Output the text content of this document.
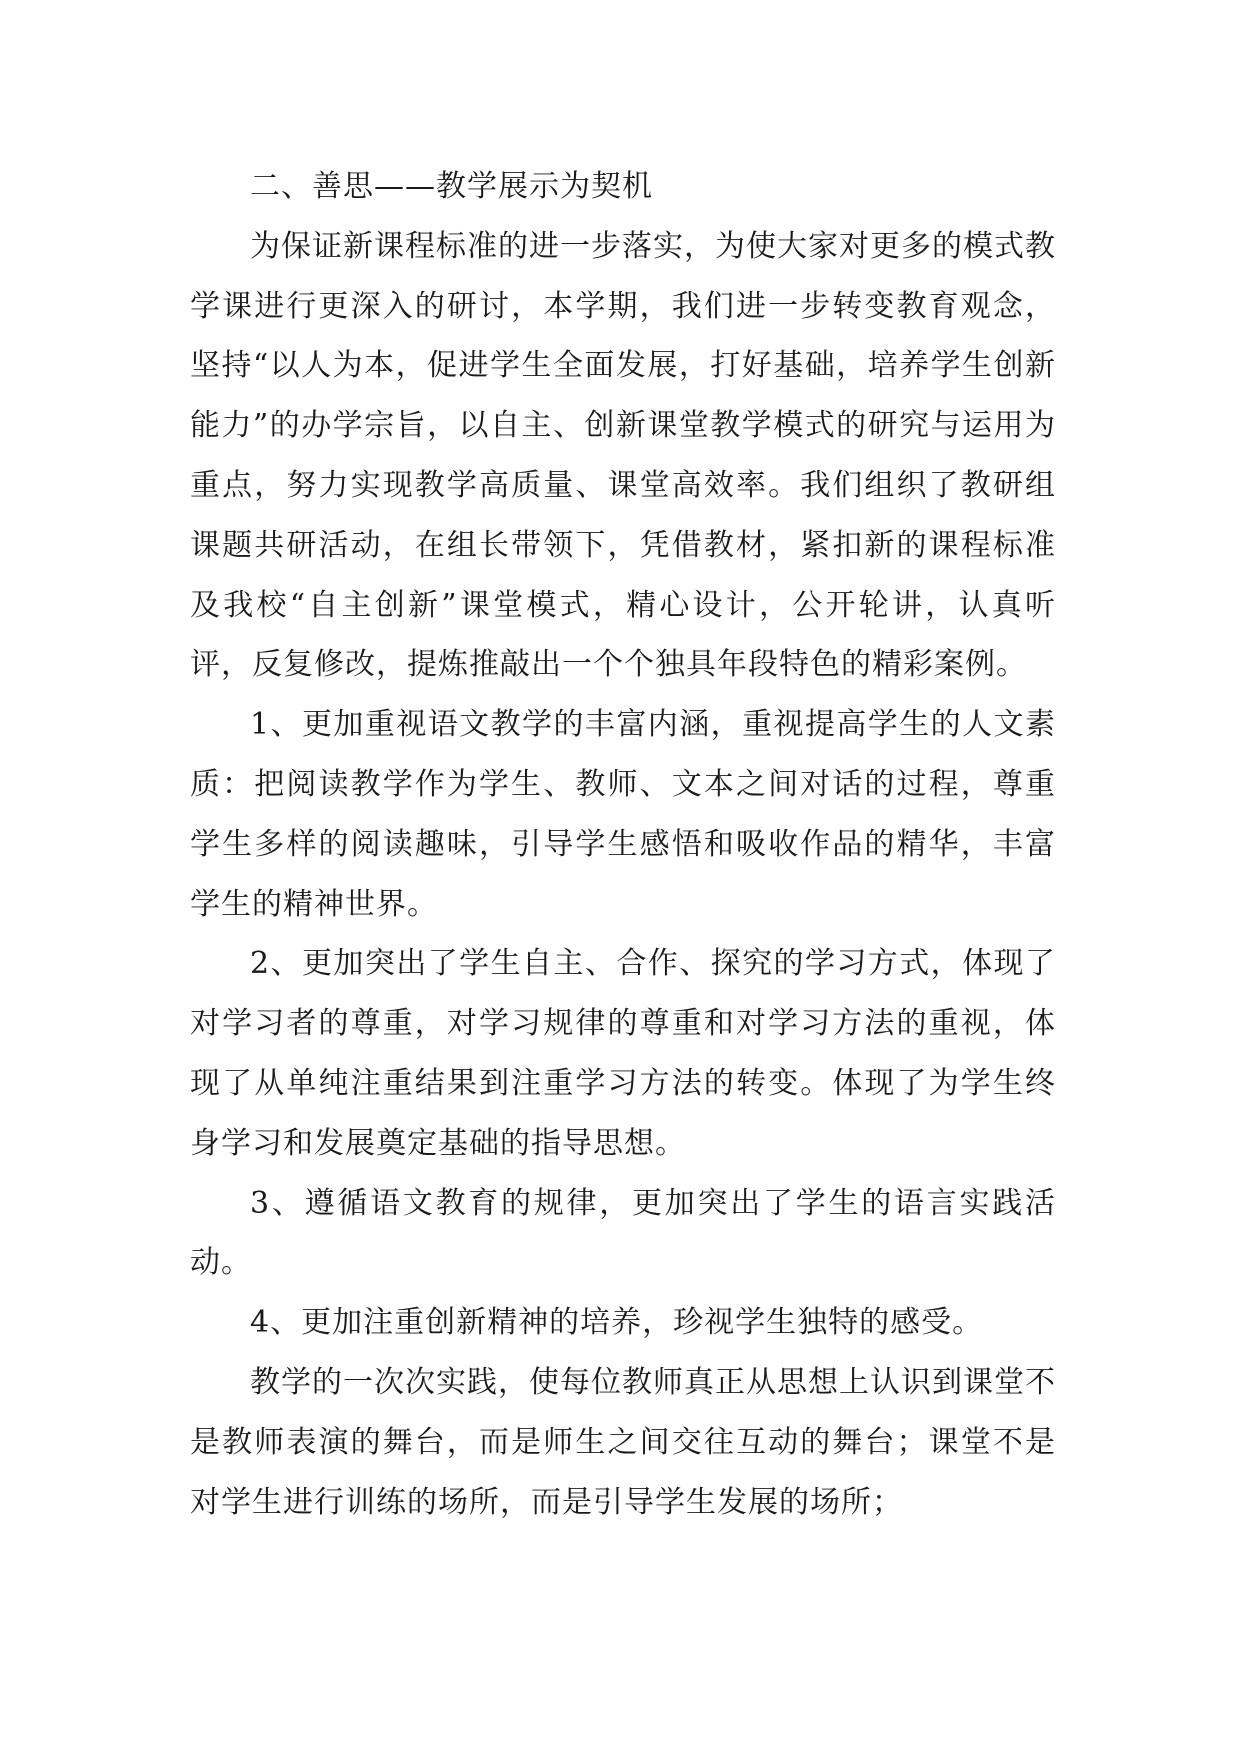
二、善思——教学展示为契机

为保证新课程标准的进一步落实，为使大家对更多的模式教学课进行更深入的研讨，本学期，我们进一步转变教育观念，坚持“以人为本，促进学生全面发展，打好基础，培养学生创新能力”的办学宗旨，以自主、创新课堂教学模式的研究与运用为重点，努力实现教学高质量、课堂高效率。我们组织了教研组课题共研活动，在组长带领下，凭借教材，紧扣新的课程标准及我校“自主创新”课堂模式，精心设计，公开轮讲，认真听评，反复修改，提炼推敲出一个个独具年段特色的精彩案例。

1、更加重视语文教学的丰富内涵，重视提高学生的人文素质：把阅读教学作为学生、教师、文本之间对话的过程，尊重学生多样的阅读趣味，引导学生感悟和吸收作品的精华，丰富学生的精神世界。

2、更加突出了学生自主、合作、探究的学习方式，体现了对学习者的尊重，对学习规律的尊重和对学习方法的重视，体现了从单纯注重结果到注重学习方法的转变。体现了为学生终身学习和发展奠定基础的指导思想。

3、遵循语文教育的规律，更加突出了学生的语言实践活动。

4、更加注重创新精神的培养，珍视学生独特的感受。

教学的一次次实践，使每位教师真正从思想上认识到课堂不是教师表演的舞台，而是师生之间交往互动的舞台；课堂不是对学生进行训练的场所，而是引导学生发展的场所；
